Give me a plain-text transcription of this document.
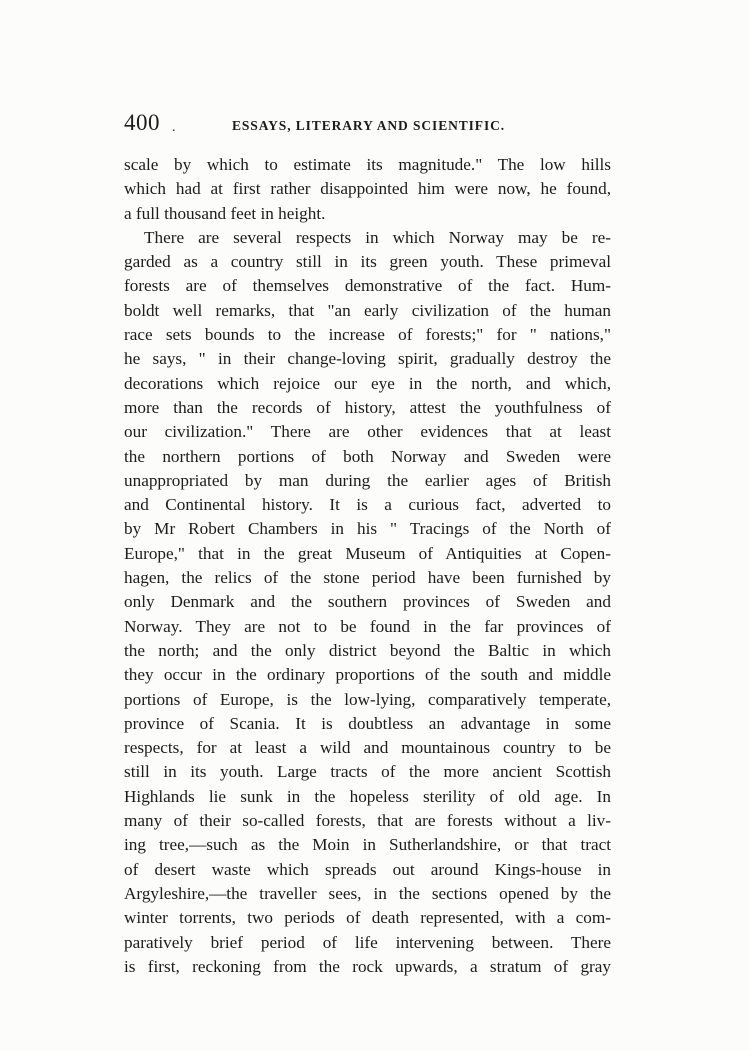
400 .	ESSAYS, LITERARY AND SCIENTIFIC.
scale by which to estimate its magnitude." The low hills
which had at first rather disappointed him were now, he found,
a full thousand feet in height.
There are several respects in which Norway may be re-
garded as a country still in its green youth. These primeval
forests are of themselves demonstrative of the fact. Hum-
boldt well remarks, that "an early civilization of the human
race sets bounds to the increase of forests;" for " nations,"
he says, " in their change-loving spirit, gradually destroy the
decorations which rejoice our eye in the north, and which,
more than the records of history, attest the youthfulness of
our civilization." There are other evidences that at least
the northern portions of both Norway and Sweden were
unappropriated by man during the earlier ages of British
and Continental history. It is a curious fact, adverted to
by Mr Robert Chambers in his " Tracings of the North of
Europe," that in the great Museum of Antiquities at Copen-
hagen, the relics of the stone period have been furnished by
only Denmark and the southern provinces of Sweden and
Norway. They are not to be found in the far provinces of
the north; and the only district beyond the Baltic in which
they occur in the ordinary proportions of the south and middle
portions of Europe, is the low-lying, comparatively temperate,
province of Scania. It is doubtless an advantage in some
respects, for at least a wild and mountainous country to be
still in its youth. Large tracts of the more ancient Scottish
Highlands lie sunk in the hopeless sterility of old age. In
many of their so-called forests, that are forests without a liv-
ing tree,—such as the Moin in Sutherlandshire, or that tract
of desert waste which spreads out around Kings-house in
Argyleshire,—the traveller sees, in the sections opened by the
winter torrents, two periods of death represented, with a com-
paratively brief period of life intervening between. There
is first, reckoning from the rock upwards, a stratum of gray
